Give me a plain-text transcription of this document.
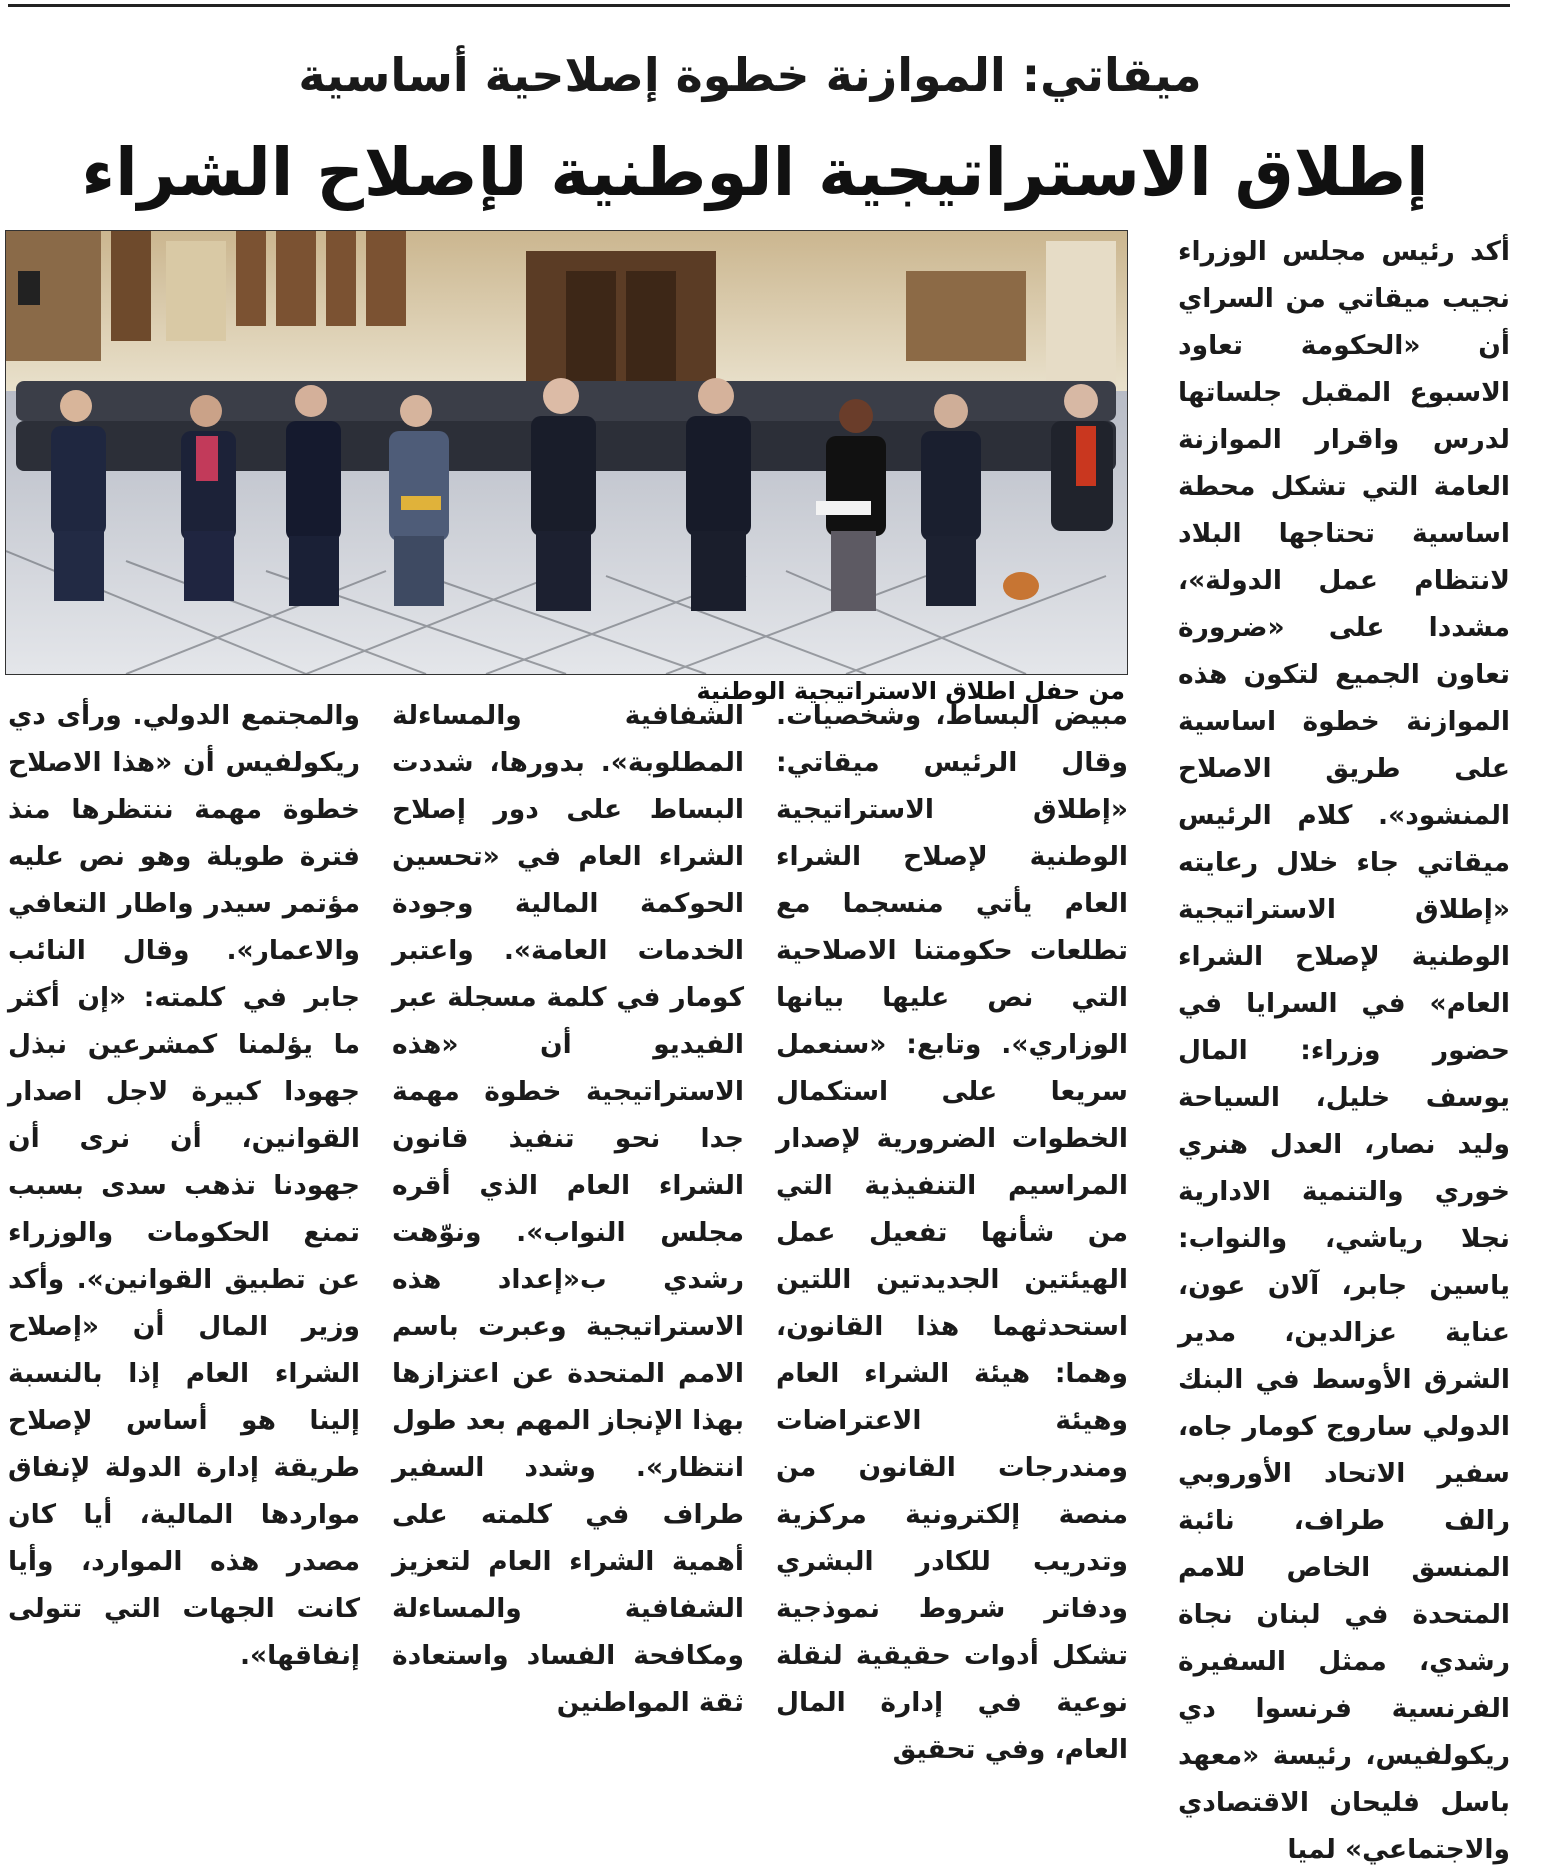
ميقاتي: الموازنة خطوة إصلاحية أساسية
إطلاق الاستراتيجية الوطنية لإصلاح الشراء

أكد رئيس مجلس الوزراء نجيب ميقاتي من السراي أن «الحكومة تعاود الاسبوع المقبل جلساتها لدرس واقرار الموازنة العامة التي تشكل محطة اساسية تحتاجها البلاد لانتظام عمل الدولة»، مشددا على «ضرورة تعاون الجميع لتكون هذه الموازنة خطوة اساسية على طريق الاصلاح المنشود». كلام الرئيس ميقاتي جاء خلال رعايته «إطلاق الاستراتيجية الوطنية لإصلاح الشراء العام» في السرايا في حضور وزراء: المال يوسف خليل، السياحة وليد نصار، العدل هنري خوري والتنمية الادارية نجلا رياشي، والنواب: ياسين جابر، آلان عون، عناية عزالدين، مدير الشرق الأوسط في البنك الدولي ساروج كومار جاه، سفير الاتحاد الأوروبي رالف طراف، نائبة المنسق الخاص للامم المتحدة في لبنان نجاة رشدي، ممثل السفيرة الفرنسية فرنسوا دي ريكولفيس، رئيسة «معهد باسل فليحان الاقتصادي والاجتماعي» لميا

من حفل اطلاق الاستراتيجية الوطنية

مبيض البساط، وشخصيات. وقال الرئيس ميقاتي: «إطلاق الاستراتيجية الوطنية لإصلاح الشراء العام يأتي منسجما مع تطلعات حكومتنا الاصلاحية التي نص عليها بيانها الوزاري». وتابع: «سنعمل سريعا على استكمال الخطوات الضرورية لإصدار المراسيم التنفيذية التي من شأنها تفعيل عمل الهيئتين الجديدتين اللتين استحدثهما هذا القانون، وهما: هيئة الشراء العام وهيئة الاعتراضات ومندرجات القانون من منصة إلكترونية مركزية وتدريب للكادر البشري ودفاتر شروط نموذجية تشكل أدوات حقيقية لنقلة نوعية في إدارة المال العام، وفي تحقيق

الشفافية والمساءلة المطلوبة». بدورها، شددت البساط على دور إصلاح الشراء العام في «تحسين الحوكمة المالية وجودة الخدمات العامة». واعتبر كومار في كلمة مسجلة عبر الفيديو أن «هذه الاستراتيجية خطوة مهمة جدا نحو تنفيذ قانون الشراء العام الذي أقره مجلس النواب». ونوّهت رشدي ب«إعداد هذه الاستراتيجية وعبرت باسم الامم المتحدة عن اعتزازها بهذا الإنجاز المهم بعد طول انتظار». وشدد السفير طراف في كلمته على أهمية الشراء العام لتعزيز الشفافية والمساءلة ومكافحة الفساد واستعادة ثقة المواطنين

والمجتمع الدولي. ورأى دي ريكولفيس أن «هذا الاصلاح خطوة مهمة ننتظرها منذ فترة طويلة وهو نص عليه مؤتمر سيدر واطار التعافي والاعمار». وقال النائب جابر في كلمته: «إن أكثر ما يؤلمنا كمشرعين نبذل جهودا كبيرة لاجل اصدار القوانين، أن نرى أن جهودنا تذهب سدى بسبب تمنع الحكومات والوزراء عن تطبيق القوانين». وأكد وزير المال أن «إصلاح الشراء العام إذا بالنسبة إلينا هو أساس لإصلاح طريقة إدارة الدولة لإنفاق مواردها المالية، أيا كان مصدر هذه الموارد، وأيا كانت الجهات التي تتولى إنفاقها».
